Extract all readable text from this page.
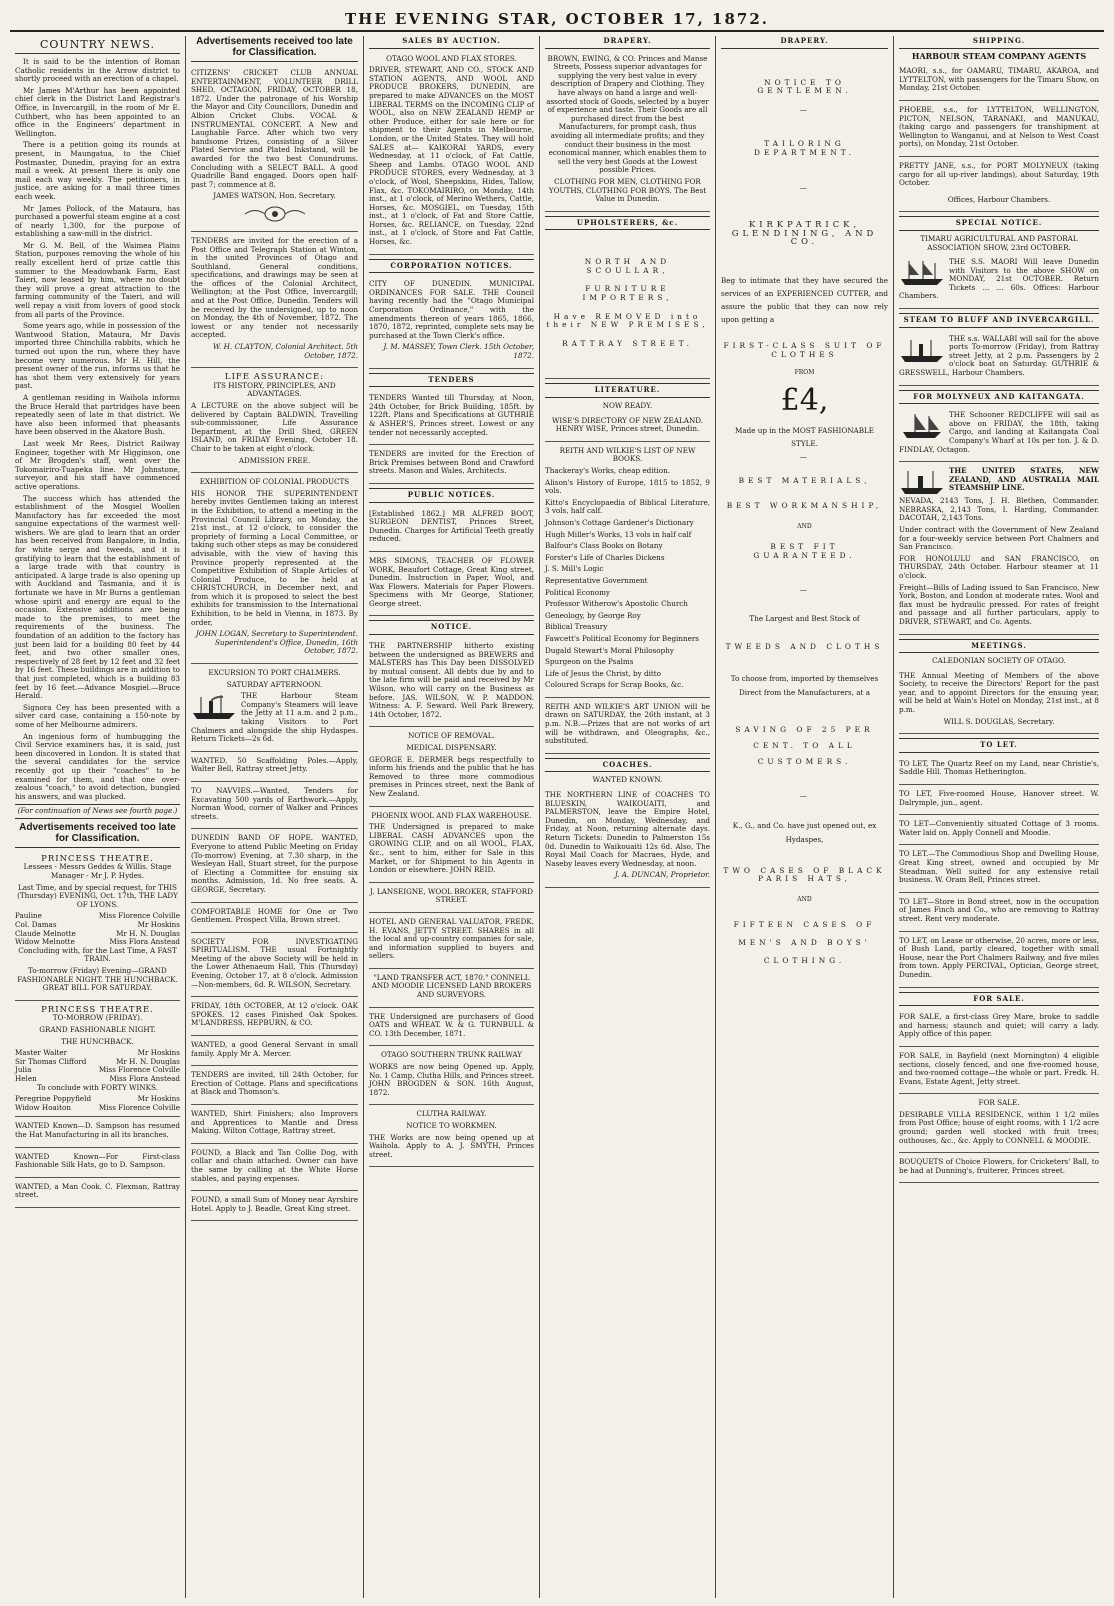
THE EVENING STAR, OCTOBER 17, 1872.
COUNTRY NEWS.

It is said to be the intention of Roman Catholic residents in the Arrow district to shortly proceed with an erection of a chapel.

Mr James M'Arthur has been appointed chief clerk in the District Land Registrar's Office, in Invercargill, in the room of Mr E. Cuthbert, who has been appointed to an office in the Engineers' department in Wellington.

There is a petition going its rounds at present, in Maungatua, to the Chief Postmaster, Dunedin, praying for an extra mail a week. At present there is only one mail each way weekly. The petitioners, in justice, are asking for a mail three times each week.

Mr James Pollock, of the Mataura, has purchased a powerful steam engine at a cost of nearly 1,300, for the purpose of establishing a saw-mill in the district.

Mr G. M. Bell, of the Waimea Plains Station, purposes removing the whole of his really excellent herd of prize cattle this summer to the Meadowbank Farm, East Taieri, now leased by him, where no doubt they will prove a great attraction to the farming community of the Taieri, and will well repay a visit from lovers of good stock from all parts of the Province.

Some years ago, while in possession of the Wantwood Station, Mataura, Mr Davis imported three Chinchilla rabbits, which he turned out upon the run, where they have become very numerous. Mr H. Hill, the present owner of the run, informs us that he has shot them very extensively for years past.

A gentleman residing in Waihola informs the Bruce Herald that partridges have been repeatedly seen of late in that district. We have also been informed that pheasants have been observed in the Akatore Bush.

Last week Mr Rees, District Railway Engineer, together with Mr Higginson, one of Mr Brogden's staff, went over the Tokomairiro-Tuapeka line. Mr Johnstone, surveyor, and his staff have commenced active operations.

The success which has attended the establishment of the Mosgiel Woollen Manufactory has far exceeded the most sanguine expectations of the warmest well-wishers. We are glad to learn that an order has been received from Bangalore, in India, for white serge and tweeds, and it is gratifying to learn that the establishment of a large trade with that country is anticipated. A large trade is also opening up with Auckland and Tasmania, and it is fortunate we have in Mr Burns a gentleman whose spirit and energy are equal to the occasion. Extensive additions are being made to the premises, to meet the requirements of the business. The foundation of an addition to the factory has just been laid for a building 80 feet by 44 feet, and two other smaller ones, respectively of 28 feet by 12 feet and 32 feet by 16 feet. These buildings are in addition to that just completed, which is a building 83 feet by 16 feet.—Advance Mosgiel.—Bruce Herald.

Signora Cey has been presented with a silver card case, containing a 150-note by some of her Melbourne admirers.

An ingenious form of humbugging the Civil Service examiners has, it is said, just been discovered in London. It is stated that the several candidates for the service recently got up their "coaches" to be examined for them, and that one over-zealous "coach," to avoid detection, bungled his answers, and was plucked.

(For continuation of News see fourth page.)

Advertisements received too late for Classification.
PRINCESS THEATRE.

Lessees - Messrs Geddes & Willis. Stage Manager - Mr J. P. Hydes.

Last Time, and by special request, for THIS (Thursday) EVENING, Oct. 17th, THE LADY OF LYONS.

Pauline	Miss Florence Colville
Col. Damas	Mr Hoskins
Claude Melnotte	Mr H. N. Douglas
Widow Melnotte	Miss Flora Anstead

Concluding with, for the Last Time, A FAST TRAIN.

To-morrow (Friday) Evening—GRAND FASHIONABLE NIGHT. THE HUNCHBACK. GREAT BILL FOR SATURDAY.

PRINCESS THEATRE.

TO-MORROW (FRIDAY).

GRAND FASHIONABLE NIGHT.

THE HUNCHBACK.

Master Walter	Mr Hoskins
Sir Thomas Clifford	Mr H. N. Douglas
Julia	Miss Florence Colville
Helen	Miss Flora Anstead

To conclude with FORTY WINKS.

Peregrine Poppyfield	Mr Hoskins
Widow Hoaiton	Miss Florence Colville

WANTED Known—D. Sampson has resumed the Hat Manufacturing in all its branches.

WANTED Known—For First-class Fashionable Silk Hats, go to D. Sampson.

WANTED, a Man Cook. C. Flexman, Rattray street.

Advertisements received too late for Classification.

CITIZENS' CRICKET CLUB ANNUAL ENTERTAINMENT, VOLUNTEER DRILL SHED, OCTAGON, FRIDAY, OCTOBER 18, 1872. Under the patronage of his Worship the Mayor and City Councillors, Dunedin and Albion Cricket Clubs. VOCAL & INSTRUMENTAL CONCERT. A New and Laughable Farce. After which two very handsome Prizes, consisting of a Silver Plated Service and Plated Inkstand, will be awarded for the two best Conundrums. Concluding with a SELECT BALL. A good Quadrille Band engaged. Doors open half-past 7; commence at 8.

JAMES WATSON, Hon. Secretary.

TENDERS are invited for the erection of a Post Office and Telegraph Station at Winton, in the united Provinces of Otago and Southland. General conditions, specifications, and drawings may be seen at the offices of the Colonial Architect, Wellington; at the Post Office, Invercargill; and at the Post Office, Dunedin. Tenders will be received by the undersigned, up to noon on Monday, the 4th of November, 1872. The lowest or any tender not necessarily accepted.

W. H. CLAYTON, Colonial Architect. 5th October, 1872.

LIFE ASSURANCE:

ITS HISTORY, PRINCIPLES, AND ADVANTAGES.

A LECTURE on the above subject will be delivered by Captain BALDWIN, Travelling sub-commissioner, Life Assurance Department, at the Drill Shed, GREEN ISLAND, on FRIDAY Evening, October 18. Chair to be taken at eight o'clock.

ADMISSION FREE.

EXHIBITION OF COLONIAL PRODUCTS

HIS HONOR THE SUPERINTENDENT hereby invites Gentlemen taking an interest in the Exhibition, to attend a meeting in the Provincial Council Library, on Monday, the 21st inst., at 12 o'clock, to consider the propriety of forming a Local Committee, or taking such other steps as may be considered advisable, with the view of having this Province properly represented at the Competitive Exhibition of Staple Articles of Colonial Produce, to be held at CHRISTCHURCH, in December next, and from which it is proposed to select the best exhibits for transmission to the International Exhibition, to be held in Vienna, in 1873. By order,

JOHN LOGAN, Secretary to Superintendent. Superintendent's Office, Dunedin, 16th October, 1872.

EXCURSION TO PORT CHALMERS.

SATURDAY AFTERNOON.

THE Harbour Steam Company's Steamers will leave the Jetty at 11 a.m. and 2 p.m., taking Visitors to Port Chalmers and alongside the ship Hydaspes. Return Tickets—2s 6d.

WANTED, 50 Scaffolding Poles.—Apply, Walter Bell, Rattray street Jetty.

TO NAVVIES.—Wanted, Tenders for Excavating 500 yards of Earthwork.—Apply, Norman Wood, corner of Walker and Princes streets.

DUNEDIN BAND OF HOPE. WANTED, Everyone to attend Public Meeting on Friday (To-morrow) Evening, at 7.30 sharp, in the Wesleyan Hall, Stuart street, for the purpose of Electing a Committee for ensuing six months. Admission, 1d. No free seats. A. GEORGE, Secretary.

COMFORTABLE HOME for One or Two Gentlemen. Prospect Villa, Brown street.

SOCIETY FOR INVESTIGATING SPIRITUALISM. THE usual Fortnightly Meeting of the above Society will be held in the Lower Athenaeum Hall, This (Thursday) Evening, October 17, at 8 o'clock. Admission—Non-members, 6d. R. WILSON, Secretary.

FRIDAY, 18th OCTOBER, At 12 o'clock. OAK SPOKES. 12 cases Finished Oak Spokes. M'LANDRESS, HEPBURN, & CO.

WANTED, a good General Servant in small family. Apply Mr A. Mercer.

TENDERS are invited, till 24th October, for Erection of Cottage. Plans and specifications at Black and Thomson's.

WANTED, Shirt Finishers; also Improvers and Apprentices to Mantle and Dress Making. Wilton Cottage, Rattray street.

FOUND, a Black and Tan Collie Dog, with collar and chain attached. Owner can have the same by calling at the White Horse stables, and paying expenses.

FOUND, a small Sum of Money near Ayrshire Hotel. Apply to J. Beadle, Great King street.

SALES BY AUCTION.

OTAGO WOOL AND FLAX STORES.

DRIVER, STEWART, AND CO., STOCK AND STATION AGENTS, AND WOOL AND PRODUCE BROKERS, DUNEDIN, are prepared to make ADVANCES on the MOST LIBERAL TERMS on the INCOMING CLIP of WOOL, also on NEW ZEALAND HEMP or other Produce, either for sale here or for shipment to their Agents in Melbourne, London, or the United States. They will hold SALES at— KAIKORAI YARDS, every Wednesday, at 11 o'clock, of Fat Cattle, Sheep and Lambs. OTAGO WOOL AND PRODUCE STORES, every Wednesday, at 3 o'clock, of Wool, Sheepskins, Hides, Tallow, Flax, &c. TOKOMAIRIRO, on Monday, 14th inst., at 1 o'clock, of Merino Wethers, Cattle, Horses, &c. MOSGIEL, on Tuesday, 15th inst., at 1 o'clock, of Fat and Store Cattle, Horses, &c. RELIANCE, on Tuesday, 22nd inst., at 1 o'clock, of Store and Fat Cattle, Horses, &c.

CORPORATION NOTICES.

CITY OF DUNEDIN. MUNICIPAL ORDINANCES FOR SALE. THE Council having recently had the "Otago Municipal Corporation Ordinance," with the amendments thereon of years 1865, 1866, 1870, 1872, reprinted, complete sets may be purchased at the Town Clerk's office.

J. M. MASSEY, Town Clerk. 15th October, 1872.

TENDERS

TENDERS Wanted till Thursday, at Noon, 24th October, for Brick Building, 185ft. by 122ft. Plans and Specifications at GUTHRIE & ASHER'S, Princes street. Lowest or any tender not necessarily accepted.

TENDERS are invited for the Erection of Brick Premises between Bond and Crawford streets. Mason and Wales, Architects.

PUBLIC NOTICES.

[Established 1862.] MR ALFRED BOOT, SURGEON DENTIST, Princes Street, Dunedin. Charges for Artificial Teeth greatly reduced.

MRS SIMONS, TEACHER OF FLOWER WORK, Beaufort Cottage, Great King street, Dunedin. Instruction in Paper, Wool, and Wax Flowers. Materials for Paper Flowers. Specimens with Mr George, Stationer, George street.

NOTICE.

THE PARTNERSHIP hitherto existing between the undersigned as BREWERS and MALSTERS has This Day been DISSOLVED by mutual consent. All debts due by and to the late firm will be paid and received by Mr Wilson, who will carry on the Business as before. JAS. WILSON, W. P. MADDON. Witness: A. F. Seward. Well Park Brewery, 14th October, 1872.

NOTICE OF REMOVAL.

MEDICAL DISPENSARY.

GEORGE E. DERMER begs respectfully to inform his friends and the public that he has Removed to three more commodious premises in Princes street, next the Bank of New Zealand.

PHOENIX WOOL AND FLAX WAREHOUSE.

THE Undersigned is prepared to make LIBERAL CASH ADVANCES upon the GROWING CLIP, and on all WOOL, FLAX, &c., sent to him, either for Sale in this Market, or for Shipment to his Agents in London or elsewhere. JOHN REID.

J. LANSEIGNE, WOOL BROKER, STAFFORD STREET.

HOTEL AND GENERAL VALUATOR, FREDK. H. EVANS, JETTY STREET. SHARES in all the local and up-country companies for sale, and information supplied to buyers and sellers.

"LAND TRANSFER ACT, 1870." CONNELL AND MOODIE LICENSED LAND BROKERS AND SURVEYORS.

THE Undersigned are purchasers of Good OATS and WHEAT. W. & G. TURNBULL & CO. 13th December, 1871.

OTAGO SOUTHERN TRUNK RAILWAY

WORKS are now being Opened up. Apply, No. 1 Camp, Clutha Hills, and Princes street. JOHN BROGDEN & SON. 16th August, 1872.

CLUTHA RAILWAY.

NOTICE TO WORKMEN.

THE Works are now being opened up at Waihola. Apply to A. J. SMYTH, Princes street.

DRAPERY.

BROWN, EWING, & CO. Princes and Manse Streets, Possess superior advantages for supplying the very best value in every description of Drapery and Clothing. They have always on hand a large and well-assorted stock of Goods, selected by a buyer of experience and taste. Their Goods are all purchased direct from the best Manufacturers, for prompt cash, thus avoiding all intermediate profits; and they conduct their business in the most economical manner, which enables them to sell the very best Goods at the Lowest possible Prices.

CLOTHING FOR MEN, CLOTHING FOR YOUTHS, CLOTHING FOR BOYS. The Best Value in Dunedin.

UPHOLSTERERS, &c.

NORTH AND SCOULLAR,

FURNITURE IMPORTERS,

Have REMOVED into their NEW PREMISES,

RATTRAY STREET.

LITERATURE.

NOW READY.

WISE'S DIRECTORY OF NEW ZEALAND. HENRY WISE, Princes street, Dunedin.

REITH AND WILKIE'S LIST OF NEW BOOKS.

Thackeray's Works, cheap edition.

Alison's History of Europe, 1815 to 1852, 9 vols.

Kitto's Encyclopaedia of Biblical Literature, 3 vols, half calf.

Johnson's Cottage Gardener's Dictionary

Hugh Miller's Works, 13 vols in half calf

Balfour's Class Books on Botany

Forster's Life of Charles Dickens

J. S. Mill's Logic

Representative Government

Political Economy

Professor Witherow's Apostolic Church

Geneology, by George Roy

Biblical Treasury

Fawcett's Political Economy for Beginners

Dugald Stewart's Moral Philosophy

Spurgeon on the Psalms

Life of Jesus the Christ, by ditto

Coloured Scraps for Scrap Books, &c.

REITH AND WILKIE'S ART UNION will be drawn on SATURDAY, the 26th instant, at 3 p.m. N.B.—Prizes that are not works of art will be withdrawn, and Oleographs, &c., substituted.

COACHES.

WANTED KNOWN.

THE NORTHERN LINE of COACHES TO BLUESKIN, WAIKOUAITI, and PALMERSTON, leave the Empire Hotel, Dunedin, on Monday, Wednesday, and Friday, at Noon, returning alternate days. Return Tickets: Dunedin to Palmerston 15s 0d. Dunedin to Waikouaiti 12s 6d. Also, The Royal Mail Coach for Macraes, Hyde, and Naseby leaves every Wednesday, at noon.

J. A. DUNCAN, Proprietor.

DRAPERY.

NOTICE TO GENTLEMEN.

—

TAILORING DEPARTMENT.

—

KIRKPATRICK, GLENDINING, AND CO.

Beg to intimate that they have secured the services of an EXPERIENCED CUTTER, and assure the public that they can now rely upon getting a

FIRST-CLASS SUIT OF CLOTHES

FROM

£4,

Made up in the MOST FASHIONABLE STYLE.

—

BEST MATERIALS,

BEST WORKMANSHIP,

AND

BEST FIT GUARANTEED.

—

The Largest and Best Stock of

TWEEDS AND CLOTHS

To choose from, imported by themselves Direct from the Manufacturers, at a

SAVING OF 25 PER CENT. TO ALL CUSTOMERS.

—

K., G., and Co. have just opened out, ex Hydaspes,

TWO CASES OF BLACK PARIS HATS,

AND

FIFTEEN CASES OF MEN'S AND BOYS' CLOTHING.

SHIPPING.
HARBOUR STEAM COMPANY AGENTS

MAORI, s.s., for OAMARU, TIMARU, AKAROA, and LYTTELTON, with passengers for the Timaru Show, on Monday, 21st October.

PHOEBE, s.s., for LYTTELTON, WELLINGTON, PICTON, NELSON, TARANAKI, and MANUKAU, (taking cargo and passengers for transhipment at Wellington to Wanganui, and at Nelson to West Coast ports), on Monday, 21st October.

PRETTY JANE, s.s., for PORT MOLYNEUX (taking cargo for all up-river landings), about Saturday, 19th October.

Offices, Harbour Chambers.

SPECIAL NOTICE.

TIMARU AGRICULTURAL AND PASTORAL ASSOCIATION SHOW, 23rd OCTOBER.

THE S.S. MAORI Will leave Dunedin with Visitors to the above SHOW on MONDAY, 21st OCTOBER. Return Tickets ... ... 60s. Offices: Harbour Chambers.

STEAM TO BLUFF AND INVERCARGILL.

THE s.s. WALLABI will sail for the above ports To-morrow (Friday), from Rattray street Jetty, at 2 p.m. Passengers by 2 o'clock boat on Saturday. GUTHRIE & GRESSWELL, Harbour Chambers.

FOR MOLYNEUX AND KAITANGATA.

THE Schooner REDCLIFFE will sail as above on FRIDAY, the 18th, taking Cargo, and landing at Kaitangata Coal Company's Wharf at 10s per ton. J. & D. FINDLAY, Octagon.

THE UNITED STATES, NEW ZEALAND, AND AUSTRALIA MAIL STEAMSHIP LINE.

NEVADA, 2143 Tons, J. H. Blethen, Commander. NEBRASKA, 2,143 Tons, I. Harding, Commander. DACOTAH, 2,143 Tons.

Under contract with the Government of New Zealand for a four-weekly service between Port Chalmers and San Francisco.

FOR HONOLULU and SAN FRANCISCO, on THURSDAY, 24th October. Harbour steamer at 11 o'clock.

Freight—Bills of Lading issued to San Francisco, New York, Boston, and London at moderate rates. Wool and flax must be hydraulic pressed. For rates of freight and passage and all further particulars, apply to DRIVER, STEWART, and Co. Agents.

MEETINGS.

CALEDONIAN SOCIETY OF OTAGO.

THE Annual Meeting of Members of the above Society, to receive the Directors' Report for the past year, and to appoint Directors for the ensuing year, will be held at Wain's Hotel on Monday, 21st inst., at 8 p.m.

WILL S. DOUGLAS, Secretary.

TO LET.

TO LET, The Quartz Reef on my Land, near Christie's, Saddle Hill. Thomas Hetherington.

TO LET, Five-roomed House, Hanover street. W. Dalrymple, jun., agent.

TO LET—Conveniently situated Cottage of 3 rooms. Water laid on. Apply Connell and Moodie.

TO LET.—The Commodious Shop and Dwelling House, Great King street, owned and occupied by Mr Steadman. Well suited for any extensive retail business. W. Oram Bell, Princes street.

TO LET—Store in Bond street, now in the occupation of James Finch and Co., who are removing to Rattray street. Rent very moderate.

TO LET, on Lease or otherwise, 20 acres, more or less, of Bush Land, partly cleared, together with small House, near the Port Chalmers Railway, and five miles from town. Apply PERCIVAL, Optician, George street, Dunedin.

FOR SALE.

FOR SALE, a first-class Grey Mare, broke to saddle and harness; staunch and quiet; will carry a lady. Apply office of this paper.

FOR SALE, in Bayfield (next Mornington) 4 eligible sections, closely fenced, and one five-roomed house, and two-roomed cottage—the whole or part. Fredk. H. Evans, Estate Agent, Jetty street.

FOR SALE.

DESIRABLE VILLA RESIDENCE, within 1 1/2 miles from Post Office; house of eight rooms, with 1 1/2 acre ground; garden well stocked with fruit trees; outhouses, &c., &c. Apply to CONNELL & MOODIE.

BOUQUETS of Choice Flowers, for Cricketers' Ball, to be had at Dunning's, fruiterer, Princes street.
